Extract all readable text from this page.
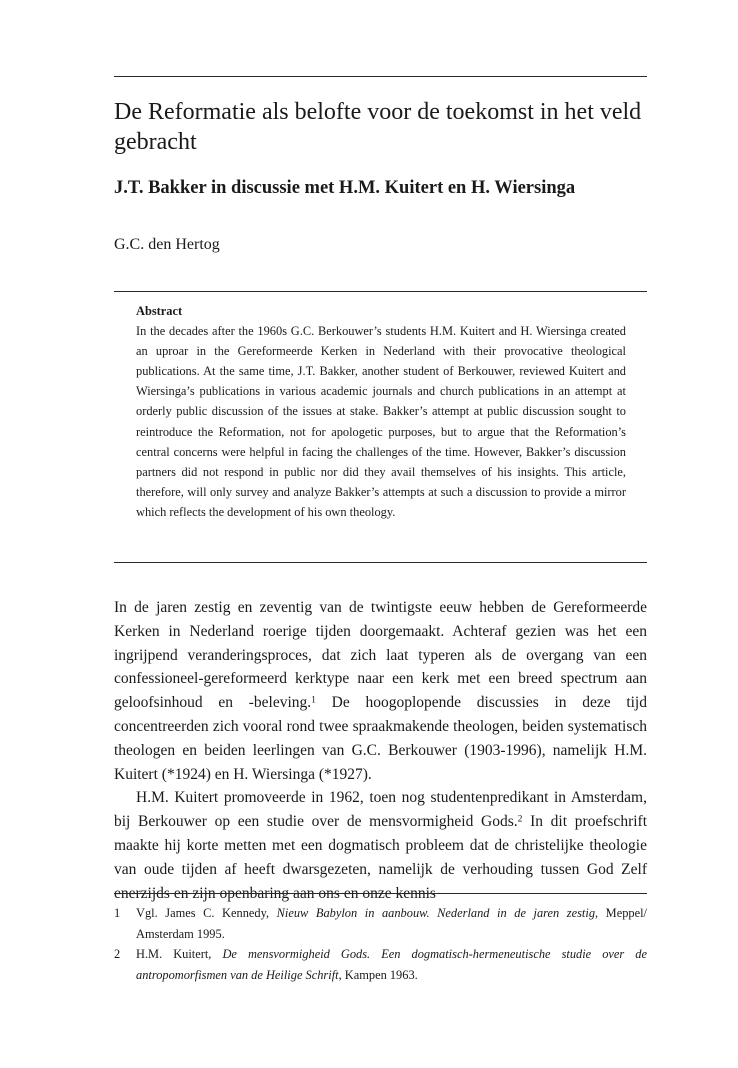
De Reformatie als belofte voor de toekomst in het veld gebracht
J.T. Bakker in discussie met H.M. Kuitert en H. Wiersinga
G.C. den Hertog
Abstract
In the decades after the 1960s G.C. Berkouwer’s students H.M. Kuitert and H. Wiersinga created an uproar in the Gereformeerde Kerken in Nederland with their provocative theological publications. At the same time, J.T. Bakker, another student of Berkouwer, reviewed Kuitert and Wiersinga’s publications in various academic journals and church publications in an attempt at orderly public discussion of the issues at stake. Bakker’s attempt at public discussion sought to reintroduce the Reformation, not for apologetic purposes, but to argue that the Reformation’s central concerns were helpful in facing the challenges of the time. However, Bakker’s discussion partners did not respond in public nor did they avail themselves of his insights. This article, therefore, will only survey and analyze Bakker’s attempts at such a discussion to provide a mirror which reflects the development of his own theology.

In de jaren zestig en zeventig van de twintigste eeuw hebben de Gereformeerde Kerken in Nederland roerige tijden doorgemaakt. Achteraf gezien was het een ingrijpend veranderingsproces, dat zich laat typeren als de overgang van een confessioneel-gereformeerd kerktype naar een kerk met een breed spectrum aan geloofsinhoud en -beleving.$^1$ De hoogoplopende discussies in deze tijd concentreerden zich vooral rond twee spraakmakende theologen, beiden systematisch theologen en beiden leerlingen van G.C. Berkouwer (1903-1996), namelijk H.M. Kuitert (*1924) en H. Wiersinga (*1927).

H.M. Kuitert promoveerde in 1962, toen nog studentenpredikant in Amsterdam, bij Berkouwer op een studie over de mensvormigheid Gods.$^2$ In dit proefschrift maakte hij korte metten met een dogmatisch probleem dat de christelijke theologie van oude tijden af heeft dwarsgezeten, namelijk de verhouding tussen God Zelf enerzijds en zijn openbaring aan ons en onze kennis

1	Vgl. James C. Kennedy, Nieuw Babylon in aanbouw. Nederland in de jaren zestig, Meppel/ Amsterdam 1995.
2	H.M. Kuitert, De mensvormigheid Gods. Een dogmatisch-hermeneutische studie over de antropomorfismen van de Heilige Schrift, Kampen 1963.
